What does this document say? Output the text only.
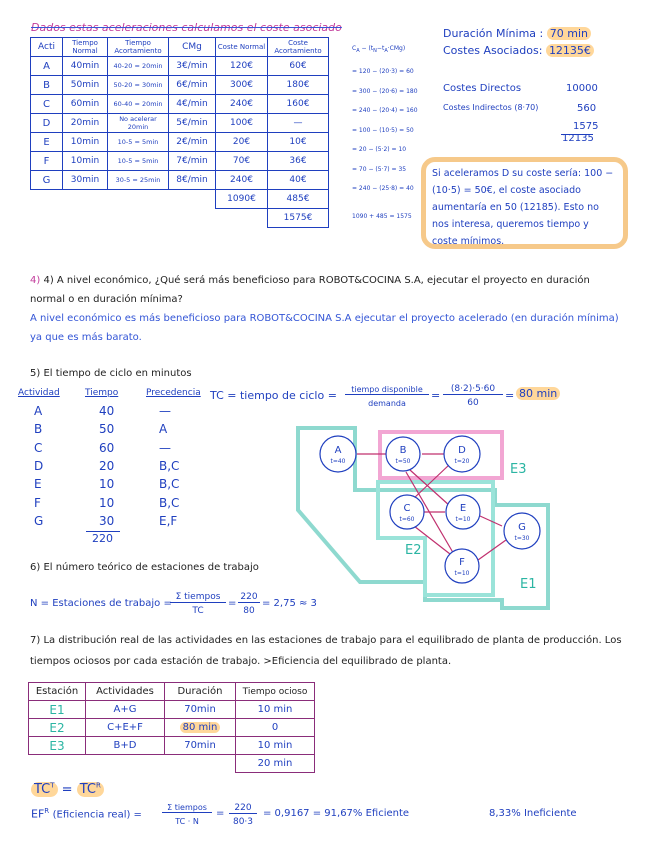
Dados estas aceleraciones calculamos el coste asociado
Acti	Tiempo Normal	Tiempo Acortamiento	CMg	Coste Normal	Coste Acortamiento
A	40min	40-20 = 20min	3€/min	120€	60€
B	50min	50-20 = 30min	6€/min	300€	180€
C	60min	60-40 = 20min	4€/min	240€	160€
D	20min	No acelerar 20min	5€/min	100€	—
E	10min	10-5 = 5min	2€/min	20€	10€
F	10min	10-5 = 5min	7€/min	70€	36€
G	30min	30-5 = 25min	8€/min	240€	40€
				1090€	485€
					1575€
$C_A - (t_N-t_A\cdot CMg)$
= 120 − (20·3) = 60
= 300 − (20·6) = 180
= 240 − (20·4) = 160
= 100 − (10·5) = 50
= 20 − (5·2) = 10
= 70 − (5·7) = 35
= 240 − (25·8) = 40
1090 + 485 = 1575
Duración Mínima : 70 min
Costes Asociados: 12135€
Costes Directos	10000
Costes Indirectos (8·70)	560
1575
12135
Si aceleramos D su coste sería: 100 − (10·5) = 50€, el coste asociado aumentaría en 50 (12185). Esto no nos interesa, queremos tiempo y coste mínimos.
4) 4) A nivel económico, ¿Qué será más beneficioso para ROBOT&COCINA S.A, ejecutar el proyecto en duración normal o en duración mínima?
A nivel económico es más beneficioso para ROBOT&COCINA S.A ejecutar el proyecto acelerado (en duración mínima) ya que es más barato.
5) El tiempo de ciclo en minutos
Actividad	Tiempo	Precedencia
A	40	—
B	50	A
C	60	—
D	20	B,C
E	10	B,C
F	10	B,C
G	30	E,F
220
TC = tiempo de ciclo =	tiempo disponible
demanda
=	(8·2)·5·60
60
= 80 min
A
t=40
B
t=50
D
t=20
C
t=60
E
t=10
F
t=10
G
t=30
E3
E2
E1
6) El número teórico de estaciones de trabajo
N = Estaciones de trabajo =
Σ tiempos
TC
=
220
80
= 2,75 ≈ 3
7) La distribución real de las actividades en las estaciones de trabajo para el equilibrado de planta de producción. Los tiempos ociosos por cada estación de trabajo. >Eficiencia del equilibrado de planta.
Estación	Actividades	Duración	Tiempo ocioso
E1	A+G	70min	10 min
E2	C+E+F	80 min	0
E3	B+D	70min	10 min
			20 min
$TC^T = TC^R$
$EF^R$ (Eficiencia real) =
Σ tiempos
TC · N
=	220
80·3
= 0,9167 = 91,67% Eficiente	8,33% Ineficiente
